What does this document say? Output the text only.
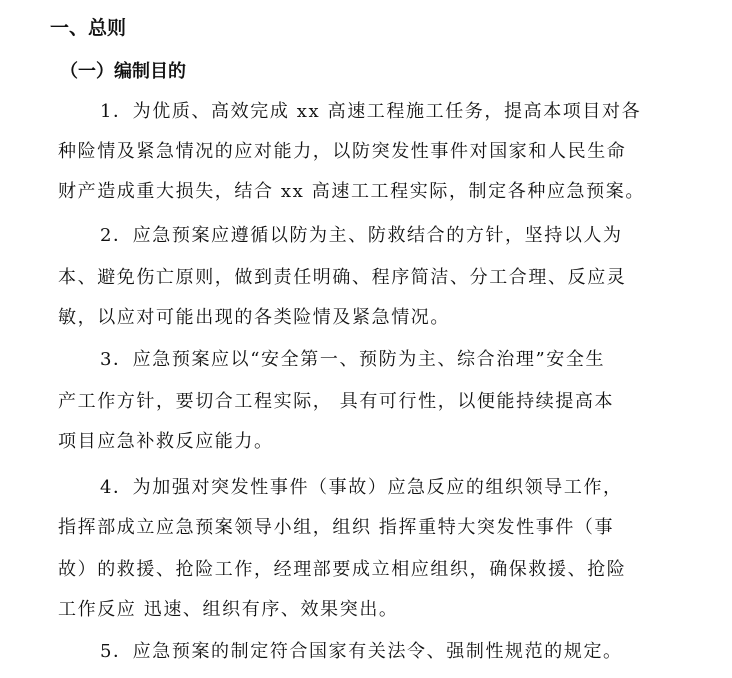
一、总则
（一）编制目的
1．为优质、高效完成 xx 高速工程施工任务，提高本项目对各
种险情及紧急情况的应对能力，以防突发性事件对国家和人民生命
财产造成重大损失，结合 xx 高速工工程实际，制定各种应急预案。
2．应急预案应遵循以防为主、防救结合的方针，坚持以人为
本、避免伤亡原则，做到责任明确、程序简洁、分工合理、反应灵
敏，以应对可能出现的各类险情及紧急情况。
3．应急预案应以“安全第一、预防为主、综合治理”安全生
产工作方针，要切合工程实际， 具有可行性，以便能持续提高本
项目应急补救反应能力。
4．为加强对突发性事件（事故）应急反应的组织领导工作，
指挥部成立应急预案领导小组，组织 指挥重特大突发性事件（事
故）的救援、抢险工作，经理部要成立相应组织，确保救援、抢险
工作反应 迅速、组织有序、效果突出。
5．应急预案的制定符合国家有关法令、强制性规范的规定。
